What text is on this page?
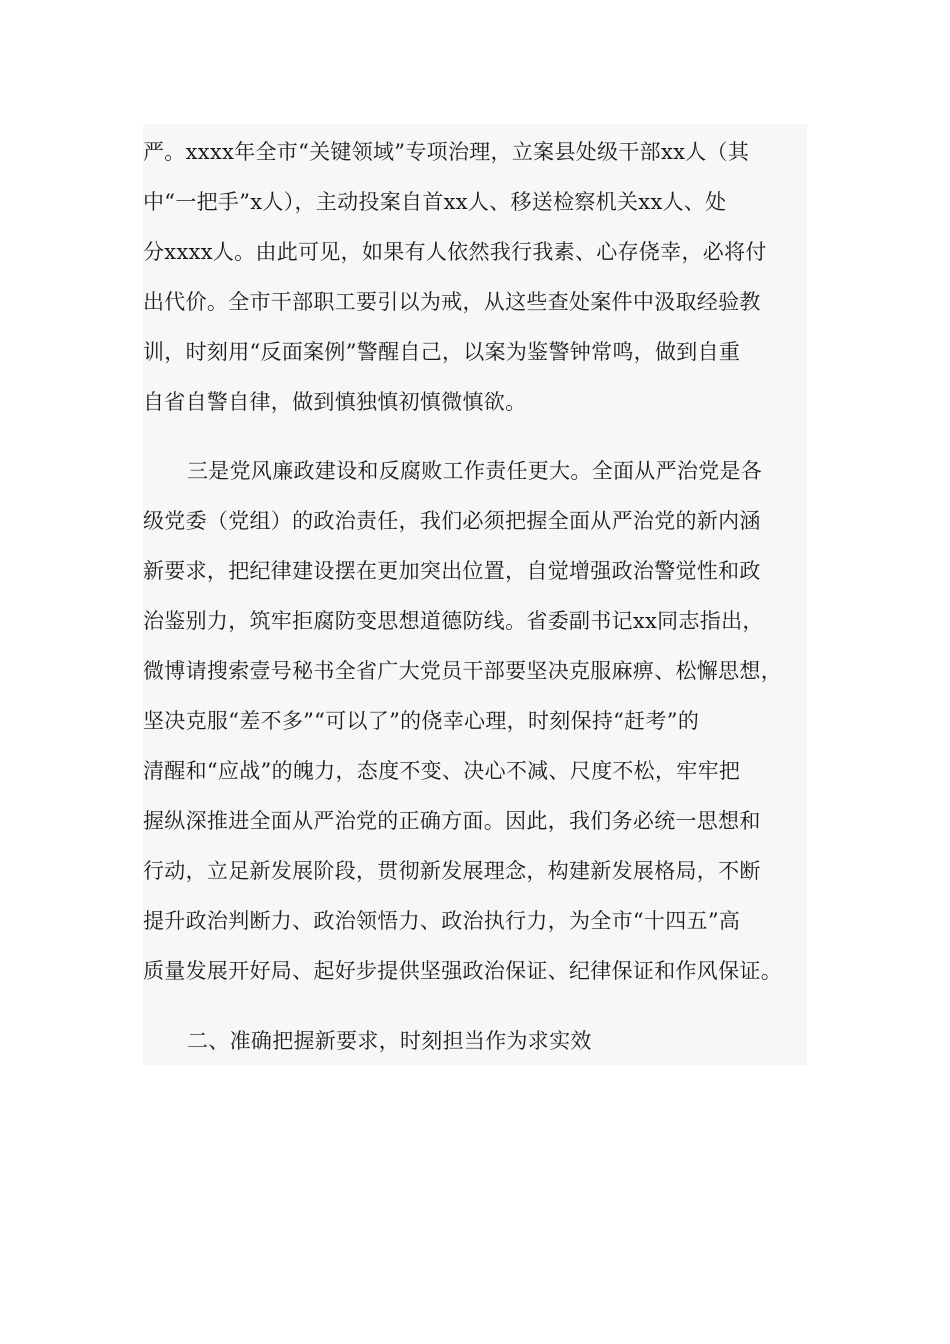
严。xxxx年全市“关键领域”专项治理，立案县处级干部xx人（其
中“一把手”x人），主动投案自首xx人、移送检察机关xx人、处
分xxxx人。由此可见，如果有人依然我行我素、心存侥幸，必将付
出代价。全市干部职工要引以为戒，从这些查处案件中汲取经验教
训，时刻用“反面案例”警醒自己，以案为鉴警钟常鸣，做到自重
自省自警自律，做到慎独慎初慎微慎欲。
三是党风廉政建设和反腐败工作责任更大。全面从严治党是各
级党委（党组）的政治责任，我们必须把握全面从严治党的新内涵
新要求，把纪律建设摆在更加突出位置，自觉增强政治警觉性和政
治鉴别力，筑牢拒腐防变思想道德防线。省委副书记xx同志指出，
微博请搜索壹号秘书全省广大党员干部要坚决克服麻痹、松懈思想，
坚决克服“差不多”“可以了”的侥幸心理，时刻保持“赶考”的
清醒和“应战”的魄力，态度不变、决心不减、尺度不松，牢牢把
握纵深推进全面从严治党的正确方面。因此，我们务必统一思想和
行动，立足新发展阶段，贯彻新发展理念，构建新发展格局，不断
提升政治判断力、政治领悟力、政治执行力，为全市“十四五”高
质量发展开好局、起好步提供坚强政治保证、纪律保证和作风保证。
二、准确把握新要求，时刻担当作为求实效
